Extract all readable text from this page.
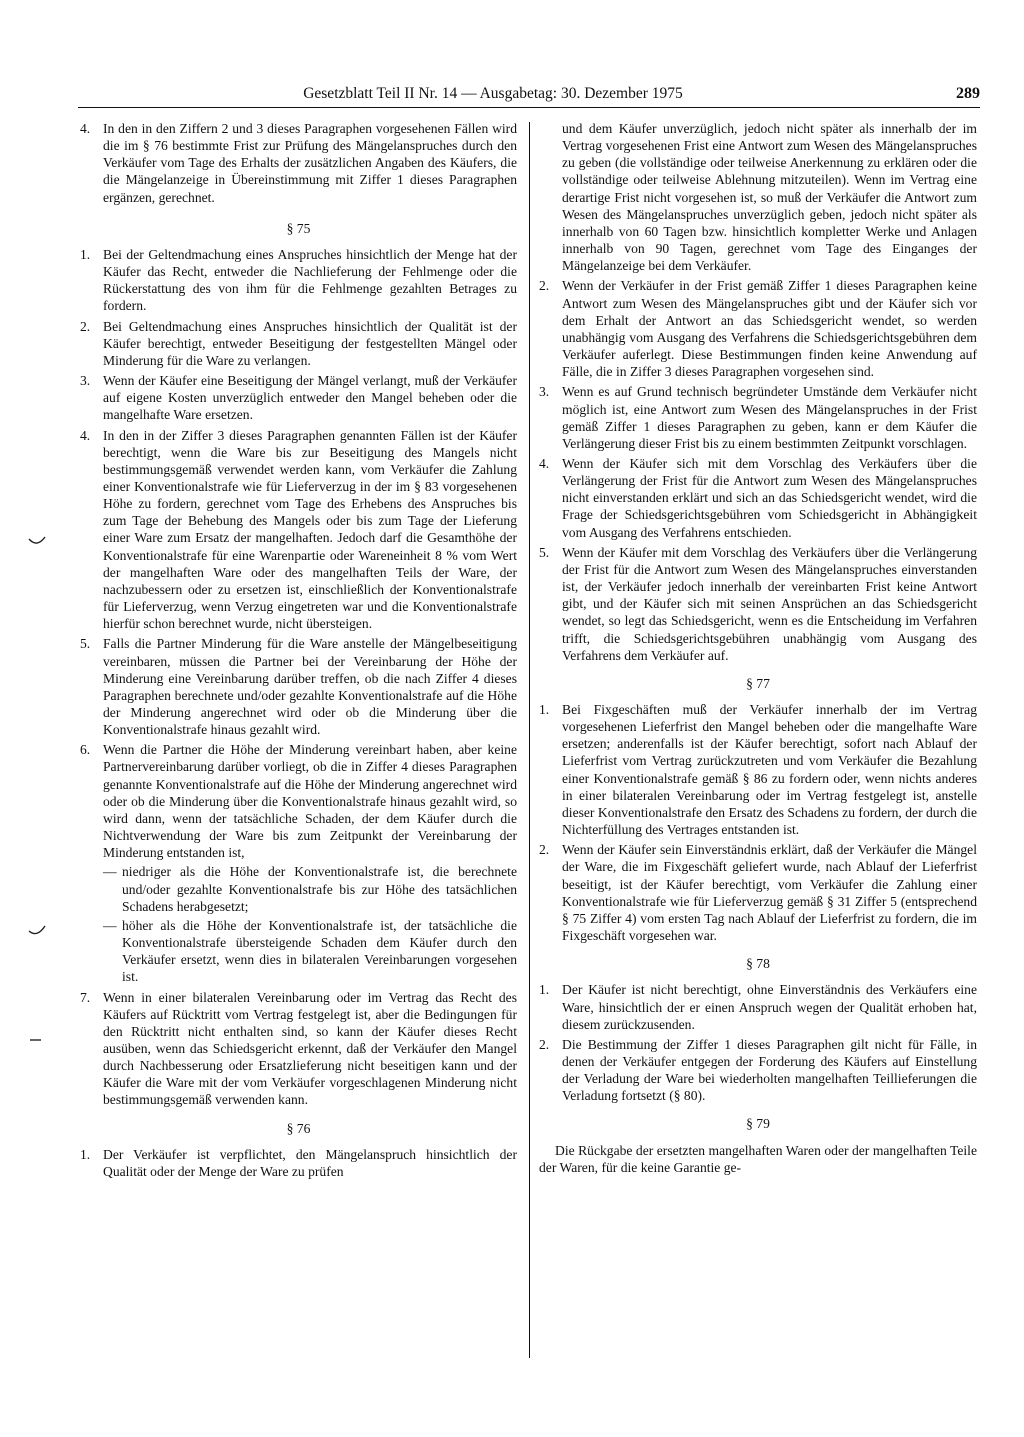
Gesetzblatt Teil II Nr. 14 — Ausgabetag: 30. Dezember 1975	289
4. In den in den Ziffern 2 und 3 dieses Paragraphen vorgesehenen Fällen wird die im § 76 bestimmte Frist zur Prüfung des Mängelanspruches durch den Verkäufer vom Tage des Erhalts der zusätzlichen Angaben des Käufers, die die Mängelanzeige in Übereinstimmung mit Ziffer 1 dieses Paragraphen ergänzen, gerechnet.

§ 75
1. Bei der Geltendmachung eines Anspruches hinsichtlich der Menge hat der Käufer das Recht, entweder die Nachlieferung der Fehlmenge oder die Rückerstattung des von ihm für die Fehlmenge gezahlten Betrages zu fordern.

2. Bei Geltendmachung eines Anspruches hinsichtlich der Qualität ist der Käufer berechtigt, entweder Beseitigung der festgestellten Mängel oder Minderung für die Ware zu verlangen.

3. Wenn der Käufer eine Beseitigung der Mängel verlangt, muß der Verkäufer auf eigene Kosten unverzüglich entweder den Mangel beheben oder die mangelhafte Ware ersetzen.

4. In den in der Ziffer 3 dieses Paragraphen genannten Fällen ist der Käufer berechtigt, wenn die Ware bis zur Beseitigung des Mangels nicht bestimmungsgemäß verwendet werden kann, vom Verkäufer die Zahlung einer Konventionalstrafe wie für Lieferverzug in der im § 83 vorgesehenen Höhe zu fordern, gerechnet vom Tage des Erhebens des Anspruches bis zum Tage der Behebung des Mangels oder bis zum Tage der Lieferung einer Ware zum Ersatz der mangelhaften. Jedoch darf die Gesamthöhe der Konventionalstrafe für eine Warenpartie oder Wareneinheit 8 % vom Wert der mangelhaften Ware oder des mangelhaften Teils der Ware, der nachzubessern oder zu ersetzen ist, einschließlich der Konventionalstrafe für Lieferverzug, wenn Verzug eingetreten war und die Konventionalstrafe hierfür schon berechnet wurde, nicht übersteigen.

5. Falls die Partner Minderung für die Ware anstelle der Mängelbeseitigung vereinbaren, müssen die Partner bei der Vereinbarung der Höhe der Minderung eine Vereinbarung darüber treffen, ob die nach Ziffer 4 dieses Paragraphen berechnete und/oder gezahlte Konventionalstrafe auf die Höhe der Minderung angerechnet wird oder ob die Minderung über die Konventionalstrafe hinaus gezahlt wird.

6. Wenn die Partner die Höhe der Minderung vereinbart haben, aber keine Partnervereinbarung darüber vorliegt, ob die in Ziffer 4 dieses Paragraphen genannte Konventionalstrafe auf die Höhe der Minderung angerechnet wird oder ob die Minderung über die Konventionalstrafe hinaus gezahlt wird, so wird dann, wenn der tatsächliche Schaden, der dem Käufer durch die Nichtverwendung der Ware bis zum Zeitpunkt der Vereinbarung der Minderung entstanden ist,

— niedriger als die Höhe der Konventionalstrafe ist, die berechnete und/oder gezahlte Konventionalstrafe bis zur Höhe des tatsächlichen Schadens herabgesetzt;

— höher als die Höhe der Konventionalstrafe ist, der tatsächliche die Konventionalstrafe übersteigende Schaden dem Käufer durch den Verkäufer ersetzt, wenn dies in bilateralen Vereinbarungen vorgesehen ist.

7. Wenn in einer bilateralen Vereinbarung oder im Vertrag das Recht des Käufers auf Rücktritt vom Vertrag festgelegt ist, aber die Bedingungen für den Rücktritt nicht enthalten sind, so kann der Käufer dieses Recht ausüben, wenn das Schiedsgericht erkennt, daß der Verkäufer den Mangel durch Nachbesserung oder Ersatzlieferung nicht beseitigen kann und der Käufer die Ware mit der vom Verkäufer vorgeschlagenen Minderung nicht bestimmungsgemäß verwenden kann.

§ 76
1. Der Verkäufer ist verpflichtet, den Mängelanspruch hinsichtlich der Qualität oder der Menge der Ware zu prüfen

und dem Käufer unverzüglich, jedoch nicht später als innerhalb der im Vertrag vorgesehenen Frist eine Antwort zum Wesen des Mängelanspruches zu geben (die vollständige oder teilweise Anerkennung zu erklären oder die vollständige oder teilweise Ablehnung mitzuteilen). Wenn im Vertrag eine derartige Frist nicht vorgesehen ist, so muß der Verkäufer die Antwort zum Wesen des Mängelanspruches unverzüglich geben, jedoch nicht später als innerhalb von 60 Tagen bzw. hinsichtlich kompletter Werke und Anlagen innerhalb von 90 Tagen, gerechnet vom Tage des Einganges der Mängelanzeige bei dem Verkäufer.

2. Wenn der Verkäufer in der Frist gemäß Ziffer 1 dieses Paragraphen keine Antwort zum Wesen des Mängelanspruches gibt und der Käufer sich vor dem Erhalt der Antwort an das Schiedsgericht wendet, so werden unabhängig vom Ausgang des Verfahrens die Schiedsgerichtsgebühren dem Verkäufer auferlegt. Diese Bestimmungen finden keine Anwendung auf Fälle, die in Ziffer 3 dieses Paragraphen vorgesehen sind.

3. Wenn es auf Grund technisch begründeter Umstände dem Verkäufer nicht möglich ist, eine Antwort zum Wesen des Mängelanspruches in der Frist gemäß Ziffer 1 dieses Paragraphen zu geben, kann er dem Käufer die Verlängerung dieser Frist bis zu einem bestimmten Zeitpunkt vorschlagen.

4. Wenn der Käufer sich mit dem Vorschlag des Verkäufers über die Verlängerung der Frist für die Antwort zum Wesen des Mängelanspruches nicht einverstanden erklärt und sich an das Schiedsgericht wendet, wird die Frage der Schiedsgerichtsgebühren vom Schiedsgericht in Abhängigkeit vom Ausgang des Verfahrens entschieden.

5. Wenn der Käufer mit dem Vorschlag des Verkäufers über die Verlängerung der Frist für die Antwort zum Wesen des Mängelanspruches einverstanden ist, der Verkäufer jedoch innerhalb der vereinbarten Frist keine Antwort gibt, und der Käufer sich mit seinen Ansprüchen an das Schiedsgericht wendet, so legt das Schiedsgericht, wenn es die Entscheidung im Verfahren trifft, die Schiedsgerichtsgebühren unabhängig vom Ausgang des Verfahrens dem Verkäufer auf.

§ 77
1. Bei Fixgeschäften muß der Verkäufer innerhalb der im Vertrag vorgesehenen Lieferfrist den Mangel beheben oder die mangelhafte Ware ersetzen; anderenfalls ist der Käufer berechtigt, sofort nach Ablauf der Lieferfrist vom Vertrag zurückzutreten und vom Verkäufer die Bezahlung einer Konventionalstrafe gemäß § 86 zu fordern oder, wenn nichts anderes in einer bilateralen Vereinbarung oder im Vertrag festgelegt ist, anstelle dieser Konventionalstrafe den Ersatz des Schadens zu fordern, der durch die Nichterfüllung des Vertrages entstanden ist.

2. Wenn der Käufer sein Einverständnis erklärt, daß der Verkäufer die Mängel der Ware, die im Fixgeschäft geliefert wurde, nach Ablauf der Lieferfrist beseitigt, ist der Käufer berechtigt, vom Verkäufer die Zahlung einer Konventionalstrafe wie für Lieferverzug gemäß § 31 Ziffer 5 (entsprechend § 75 Ziffer 4) vom ersten Tag nach Ablauf der Lieferfrist zu fordern, die im Fixgeschäft vorgesehen war.

§ 78
1. Der Käufer ist nicht berechtigt, ohne Einverständnis des Verkäufers eine Ware, hinsichtlich der er einen Anspruch wegen der Qualität erhoben hat, diesem zurückzusenden.

2. Die Bestimmung der Ziffer 1 dieses Paragraphen gilt nicht für Fälle, in denen der Verkäufer entgegen der Forderung des Käufers auf Einstellung der Verladung der Ware bei wiederholten mangelhaften Teillieferungen die Verladung fortsetzt (§ 80).

§ 79

Die Rückgabe der ersetzten mangelhaften Waren oder der mangelhaften Teile der Waren, für die keine Garantie ge-
